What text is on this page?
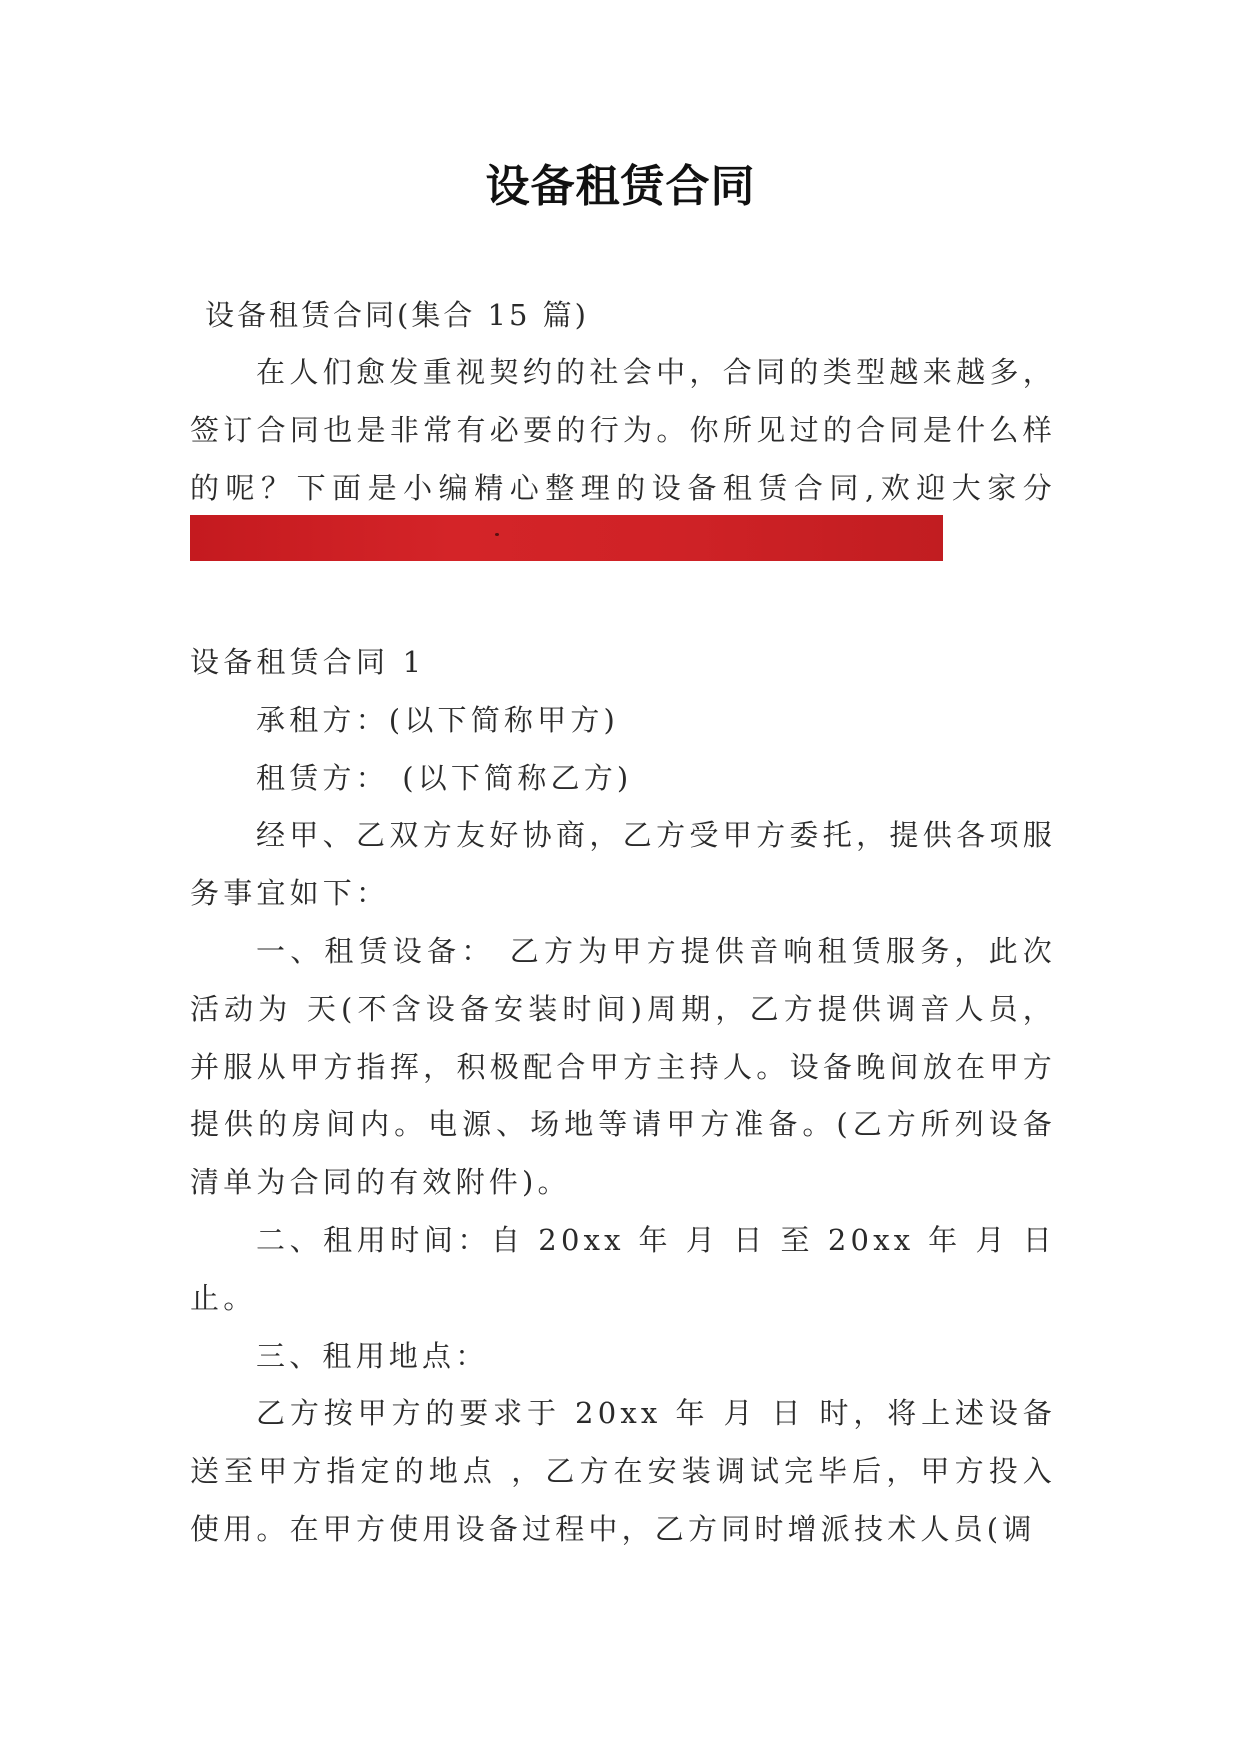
设备租赁合同
设备租赁合同(集合 15 篇)

在人们愈发重视契约的社会中，合同的类型越来越多，签订合同也是非常有必要的行为。你所见过的合同是什么样的呢？下面是小编精心整理的设备租赁合同,欢迎大家分

设备租赁合同 1

承租方：(以下简称甲方)

租赁方： (以下简称乙方)

经甲、乙双方友好协商，乙方受甲方委托，提供各项服务事宜如下：

一、租赁设备： 乙方为甲方提供音响租赁服务，此次活动为 天(不含设备安装时间)周期，乙方提供调音人员，并服从甲方指挥，积极配合甲方主持人。设备晚间放在甲方提供的房间内。电源、场地等请甲方准备。(乙方所列设备清单为合同的有效附件)。

二、租用时间：自 20xx 年 月 日 至 20xx 年 月 日止。

三、租用地点：

乙方按甲方的要求于 20xx 年 月 日 时，将上述设备送至甲方指定的地点 ，乙方在安装调试完毕后，甲方投入使用。在甲方使用设备过程中，乙方同时增派技术人员(调
